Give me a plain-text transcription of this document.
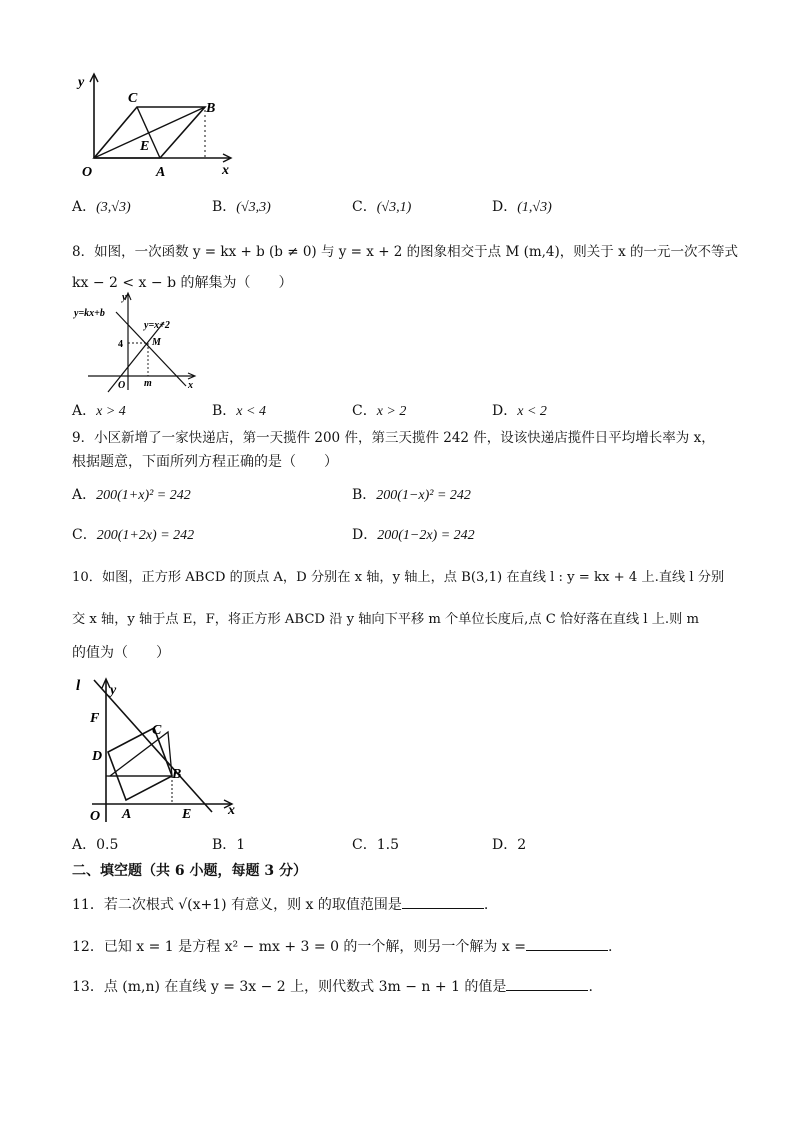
y
C
B
E
O	A	x
A．(3,√3)	B．(√3,3)	C．(√3,1)	D．(1,√3)
8．如图，一次函数 y = kx + b (b ≠ 0) 与 y = x + 2 的图象相交于点 M (m,4)，则关于 x 的一元一次不等式
kx − 2 < x − b 的解集为（　　）
y=kx+b
y
y=x+2
4	M
O m	x
A．x > 4	B．x < 4	C．x > 2	D．x < 2
9．小区新增了一家快递店，第一天揽件 200 件，第三天揽件 242 件，设该快递店揽件日平均增长率为 x，
根据题意，下面所列方程正确的是（　　）
A．200(1+x)² = 242	B．200(1−x)² = 242
C．200(1+2x) = 242	D．200(1−2x) = 242
10．如图，正方形 ABCD 的顶点 A，D 分别在 x 轴，y 轴上，点 B(3,1) 在直线 l : y = kx + 4 上.直线 l 分别
交 x 轴，y 轴于点 E，F，将正方形 ABCD 沿 y 轴向下平移 m 个单位长度后,点 C 恰好落在直线 l 上.则 m
的值为（　　）
l y
F
C
D
B
O A	E	x
A．0.5	B．1	C．1.5	D．2
二、填空题（共 6 小题，每题 3 分）
11．若二次根式 √(x+1) 有意义，则 x 的取值范围是	.
12．已知 x = 1 是方程 x² − mx + 3 = 0 的一个解，则另一个解为 x =	.
13．点 (m,n) 在直线 y = 3x − 2 上，则代数式 3m − n + 1 的值是	.
